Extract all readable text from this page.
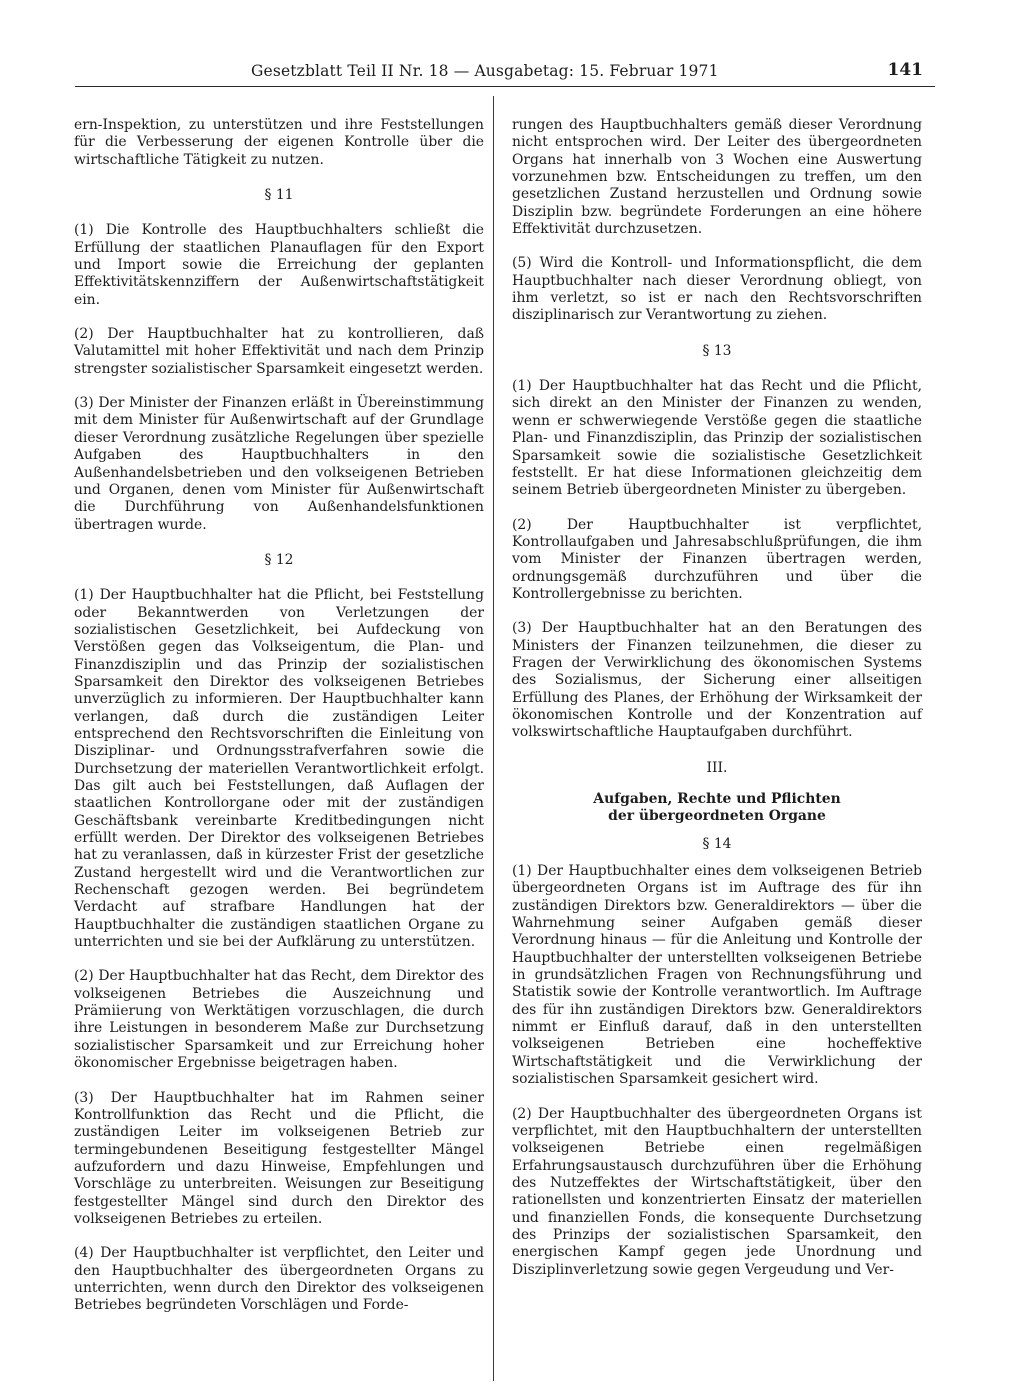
Gesetzblatt Teil II Nr. 18 — Ausgabetag: 15. Februar 1971	141

ern-Inspektion, zu unterstützen und ihre Feststellungen für die Verbesserung der eigenen Kontrolle über die wirtschaftliche Tätigkeit zu nutzen.

§ 11

(1) Die Kontrolle des Hauptbuchhalters schließt die Erfüllung der staatlichen Planauflagen für den Export und Import sowie die Erreichung der geplanten Effektivitätskennziffern der Außenwirtschaftstätigkeit ein.

(2) Der Hauptbuchhalter hat zu kontrollieren, daß Valutamittel mit hoher Effektivität und nach dem Prinzip strengster sozialistischer Sparsamkeit eingesetzt werden.

(3) Der Minister der Finanzen erläßt in Übereinstimmung mit dem Minister für Außenwirtschaft auf der Grundlage dieser Verordnung zusätzliche Regelungen über spezielle Aufgaben des Hauptbuchhalters in den Außenhandelsbetrieben und den volkseigenen Betrieben und Organen, denen vom Minister für Außenwirtschaft die Durchführung von Außenhandelsfunktionen übertragen wurde.

§ 12

(1) Der Hauptbuchhalter hat die Pflicht, bei Feststellung oder Bekanntwerden von Verletzungen der sozialistischen Gesetzlichkeit, bei Aufdeckung von Verstößen gegen das Volkseigentum, die Plan- und Finanzdisziplin und das Prinzip der sozialistischen Sparsamkeit den Direktor des volkseigenen Betriebes unverzüglich zu informieren. Der Hauptbuchhalter kann verlangen, daß durch die zuständigen Leiter entsprechend den Rechtsvorschriften die Einleitung von Disziplinar- und Ordnungsstrafverfahren sowie die Durchsetzung der materiellen Verantwortlichkeit erfolgt. Das gilt auch bei Feststellungen, daß Auflagen der staatlichen Kontrollorgane oder mit der zuständigen Geschäftsbank vereinbarte Kreditbedingungen nicht erfüllt werden. Der Direktor des volkseigenen Betriebes hat zu veranlassen, daß in kürzester Frist der gesetzliche Zustand hergestellt wird und die Verantwortlichen zur Rechenschaft gezogen werden. Bei begründetem Verdacht auf strafbare Handlungen hat der Hauptbuchhalter die zuständigen staatlichen Organe zu unterrichten und sie bei der Aufklärung zu unterstützen.

(2) Der Hauptbuchhalter hat das Recht, dem Direktor des volkseigenen Betriebes die Auszeichnung und Prämiierung von Werktätigen vorzuschlagen, die durch ihre Leistungen in besonderem Maße zur Durchsetzung sozialistischer Sparsamkeit und zur Erreichung hoher ökonomischer Ergebnisse beigetragen haben.

(3) Der Hauptbuchhalter hat im Rahmen seiner Kontrollfunktion das Recht und die Pflicht, die zuständigen Leiter im volkseigenen Betrieb zur termingebundenen Beseitigung festgestellter Mängel aufzufordern und dazu Hinweise, Empfehlungen und Vorschläge zu unterbreiten. Weisungen zur Beseitigung festgestellter Mängel sind durch den Direktor des volkseigenen Betriebes zu erteilen.

(4) Der Hauptbuchhalter ist verpflichtet, den Leiter und den Hauptbuchhalter des übergeordneten Organs zu unterrichten, wenn durch den Direktor des volkseigenen Betriebes begründeten Vorschlägen und Forde-

rungen des Hauptbuchhalters gemäß dieser Verordnung nicht entsprochen wird. Der Leiter des übergeordneten Organs hat innerhalb von 3 Wochen eine Auswertung vorzunehmen bzw. Entscheidungen zu treffen, um den gesetzlichen Zustand herzustellen und Ordnung sowie Disziplin bzw. begründete Forderungen an eine höhere Effektivität durchzusetzen.

(5) Wird die Kontroll- und Informationspflicht, die dem Hauptbuchhalter nach dieser Verordnung obliegt, von ihm verletzt, so ist er nach den Rechtsvorschriften disziplinarisch zur Verantwortung zu ziehen.

§ 13

(1) Der Hauptbuchhalter hat das Recht und die Pflicht, sich direkt an den Minister der Finanzen zu wenden, wenn er schwerwiegende Verstöße gegen die staatliche Plan- und Finanzdisziplin, das Prinzip der sozialistischen Sparsamkeit sowie die sozialistische Gesetzlichkeit feststellt. Er hat diese Informationen gleichzeitig dem seinem Betrieb übergeordneten Minister zu übergeben.

(2) Der Hauptbuchhalter ist verpflichtet, Kontrollaufgaben und Jahresabschlußprüfungen, die ihm vom Minister der Finanzen übertragen werden, ordnungsgemäß durchzuführen und über die Kontrollergebnisse zu berichten.

(3) Der Hauptbuchhalter hat an den Beratungen des Ministers der Finanzen teilzunehmen, die dieser zu Fragen der Verwirklichung des ökonomischen Systems des Sozialismus, der Sicherung einer allseitigen Erfüllung des Planes, der Erhöhung der Wirksamkeit der ökonomischen Kontrolle und der Konzentration auf volkswirtschaftliche Hauptaufgaben durchführt.

III.
Aufgaben, Rechte und Pflichten
der übergeordneten Organe
§ 14

(1) Der Hauptbuchhalter eines dem volkseigenen Betrieb übergeordneten Organs ist im Auftrage des für ihn zuständigen Direktors bzw. Generaldirektors — über die Wahrnehmung seiner Aufgaben gemäß dieser Verordnung hinaus — für die Anleitung und Kontrolle der Hauptbuchhalter der unterstellten volkseigenen Betriebe in grundsätzlichen Fragen von Rechnungsführung und Statistik sowie der Kontrolle verantwortlich. Im Auftrage des für ihn zuständigen Direktors bzw. Generaldirektors nimmt er Einfluß darauf, daß in den unterstellten volkseigenen Betrieben eine hocheffektive Wirtschaftstätigkeit und die Verwirklichung der sozialistischen Sparsamkeit gesichert wird.

(2) Der Hauptbuchhalter des übergeordneten Organs ist verpflichtet, mit den Hauptbuchhaltern der unterstellten volkseigenen Betriebe einen regelmäßigen Erfahrungsaustausch durchzuführen über die Erhöhung des Nutzeffektes der Wirtschaftstätigkeit, über den rationellsten und konzentrierten Einsatz der materiellen und finanziellen Fonds, die konsequente Durchsetzung des Prinzips der sozialistischen Sparsamkeit, den energischen Kampf gegen jede Unordnung und Disziplinverletzung sowie gegen Vergeudung und Ver-
